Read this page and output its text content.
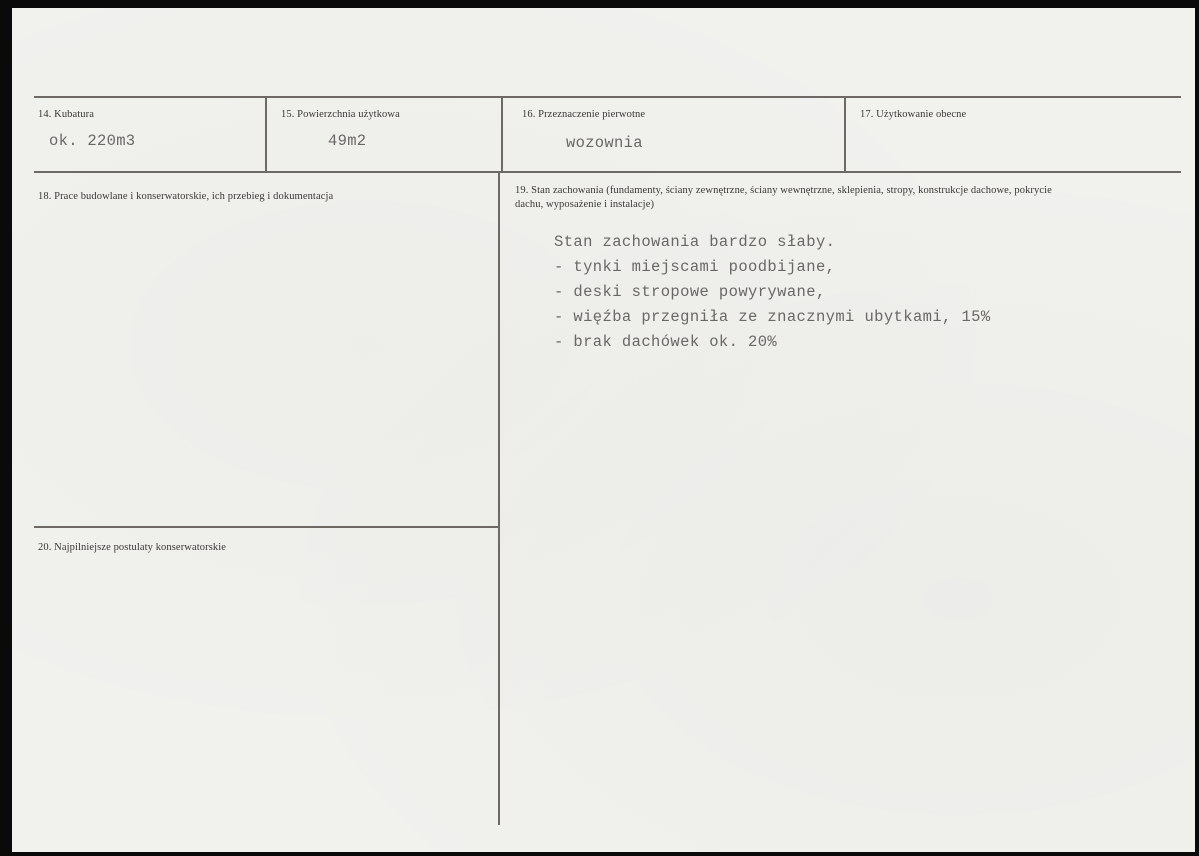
14. Kubatura
ok. 220m3
15. Powierzchnia użytkowa
49m2
16. Przeznaczenie pierwotne
wozownia
17. Użytkowanie obecne
18. Prace budowlane i konserwatorskie, ich przebieg i dokumentacja
20. Najpilniejsze postulaty konserwatorskie
19. Stan zachowania (fundamenty, ściany zewnętrzne, ściany wewnętrzne, sklepienia, stropy, konstrukcje dachowe, pokrycie dachu, wyposażenie i instalacje)
Stan zachowania bardzo słaby.
- tynki miejscami poodbijane,
- deski stropowe powyrywane,
- więźba przegniła ze znacznymi ubytkami, 15%
- brak dachówek ok. 20%
